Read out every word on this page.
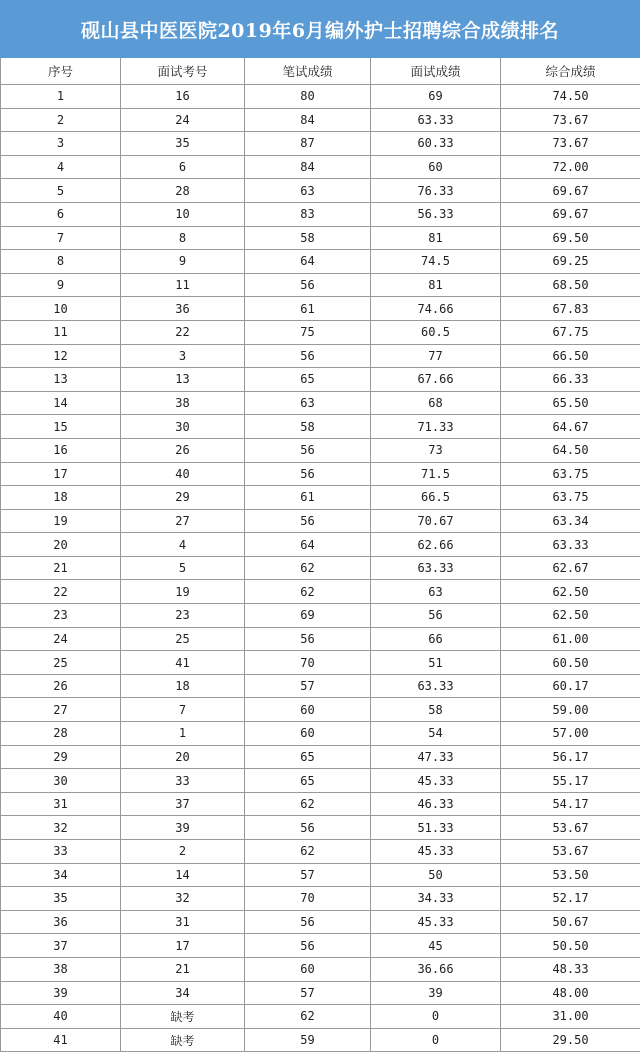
砚山县中医医院2019年6月编外护士招聘综合成绩排名
序号	面试考号	笔试成绩	面试成绩	综合成绩
1	16	80	69	74.50
2	24	84	63.33	73.67
3	35	87	60.33	73.67
4	6	84	60	72.00
5	28	63	76.33	69.67
6	10	83	56.33	69.67
7	8	58	81	69.50
8	9	64	74.5	69.25
9	11	56	81	68.50
10	36	61	74.66	67.83
11	22	75	60.5	67.75
12	3	56	77	66.50
13	13	65	67.66	66.33
14	38	63	68	65.50
15	30	58	71.33	64.67
16	26	56	73	64.50
17	40	56	71.5	63.75
18	29	61	66.5	63.75
19	27	56	70.67	63.34
20	4	64	62.66	63.33
21	5	62	63.33	62.67
22	19	62	63	62.50
23	23	69	56	62.50
24	25	56	66	61.00
25	41	70	51	60.50
26	18	57	63.33	60.17
27	7	60	58	59.00
28	1	60	54	57.00
29	20	65	47.33	56.17
30	33	65	45.33	55.17
31	37	62	46.33	54.17
32	39	56	51.33	53.67
33	2	62	45.33	53.67
34	14	57	50	53.50
35	32	70	34.33	52.17
36	31	56	45.33	50.67
37	17	56	45	50.50
38	21	60	36.66	48.33
39	34	57	39	48.00
40	缺考	62	0	31.00
41	缺考	59	0	29.50
